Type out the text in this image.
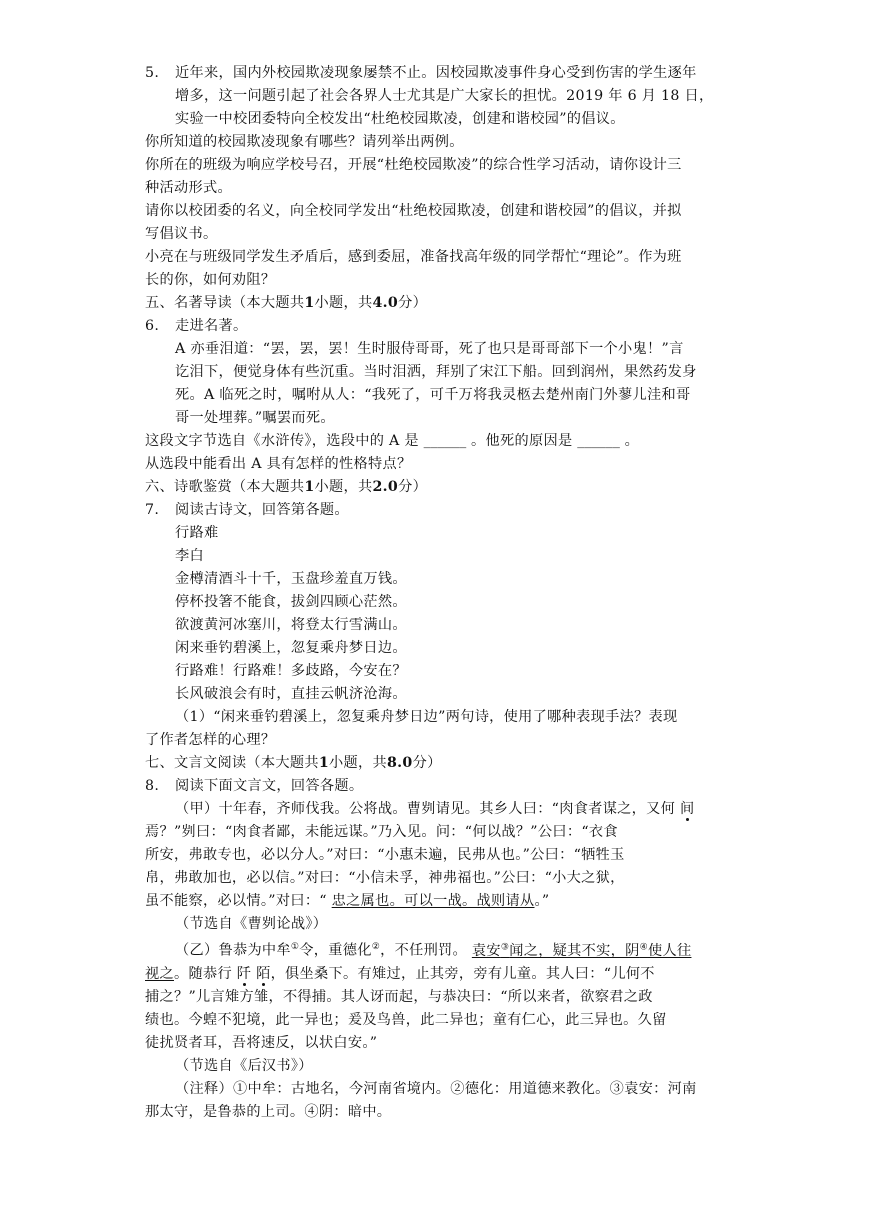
5. 近年来，国内外校园欺凌现象屡禁不止。因校园欺凌事件身心受到伤害的学生逐年
增多，这一问题引起了社会各界人士尤其是广大家长的担忧。2019 年 6 月 18 日，
实验一中校团委特向全校发出“杜绝校园欺凌，创建和谐校园”的倡议。
你所知道的校园欺凌现象有哪些？请列举出两例。
你所在的班级为响应学校号召，开展“杜绝校园欺凌”的综合性学习活动，请你设计三
种活动形式。
请你以校团委的名义，向全校同学发出“杜绝校园欺凌，创建和谐校园”的倡议，并拟
写倡议书。
小亮在与班级同学发生矛盾后，感到委屈，准备找高年级的同学帮忙“理论”。作为班
长的你，如何劝阻？
五、名著导读（本大题共1小题，共4.0分）
6. 走进名著。
A 亦垂泪道：“罢，罢，罢！生时服侍哥哥，死了也只是哥哥部下一个小鬼！”言
讫泪下，便觉身体有些沉重。当时泪洒，拜别了宋江下船。回到润州，果然药发身
死。A 临死之时，嘱咐从人：“我死了，可千万将我灵柩去楚州南门外蓼儿洼和哥
哥一处埋葬。”嘱罢而死。
这段文字节选自《水浒传》，选段中的 A 是 ______ 。他死的原因是 ______ 。
从选段中能看出 A 具有怎样的性格特点？
六、诗歌鉴赏（本大题共1小题，共2.0分）
7. 阅读古诗文，回答第各题。
行路难
李白
金樽清酒斗十千，玉盘珍羞直万钱。
停杯投箸不能食，拔剑四顾心茫然。
欲渡黄河冰塞川，将登太行雪满山。
闲来垂钓碧溪上，忽复乘舟梦日边。
行路难！行路难！多歧路，今安在？
长风破浪会有时，直挂云帆济沧海。
（1）“闲来垂钓碧溪上，忽复乘舟梦日边”两句诗，使用了哪种表现手法？表现
了作者怎样的心理？
七、文言文阅读（本大题共1小题，共8.0分）
8. 阅读下面文言文，回答各题。
（甲）十年春，齐师伐我。公将战。曹刿请见。其乡人曰：“肉食者谋之，又何 间
焉？”刿曰：“肉食者鄙，未能远谋。”乃入见。问：“何以战？”公曰：“衣食
所安，弗敢专也，必以分人。”对曰：“小惠未遍，民弗从也。”公曰：“牺牲玉
帛，弗敢加也，必以信。”对曰：“小信未孚，神弗福也。”公曰：“小大之狱，
虽不能察，必以情。”对曰：“ 忠之属也。可以一战。战则请从。”
（节选自《曹刿论战》）
（乙）鲁恭为中牟①令，重德化②，不任刑罚。 袁安③闻之，疑其不实，阴④使人往
视之。随恭行 阡 陌，俱坐桑下。有雉过，止其旁，旁有儿童。其人曰：“儿何不
捕之？”儿言雉方雏，不得捕。其人讶而起，与恭决曰：“所以来者，欲察君之政
绩也。今蝗不犯境，此一异也；爰及鸟兽，此二异也；童有仁心，此三异也。久留
徒扰贤者耳，吾将速反，以状白安。”
（节选自《后汉书》）
（注释）①中牟：古地名，今河南省境内。②德化：用道德来教化。③袁安：河南
那太守，是鲁恭的上司。④阴：暗中。
